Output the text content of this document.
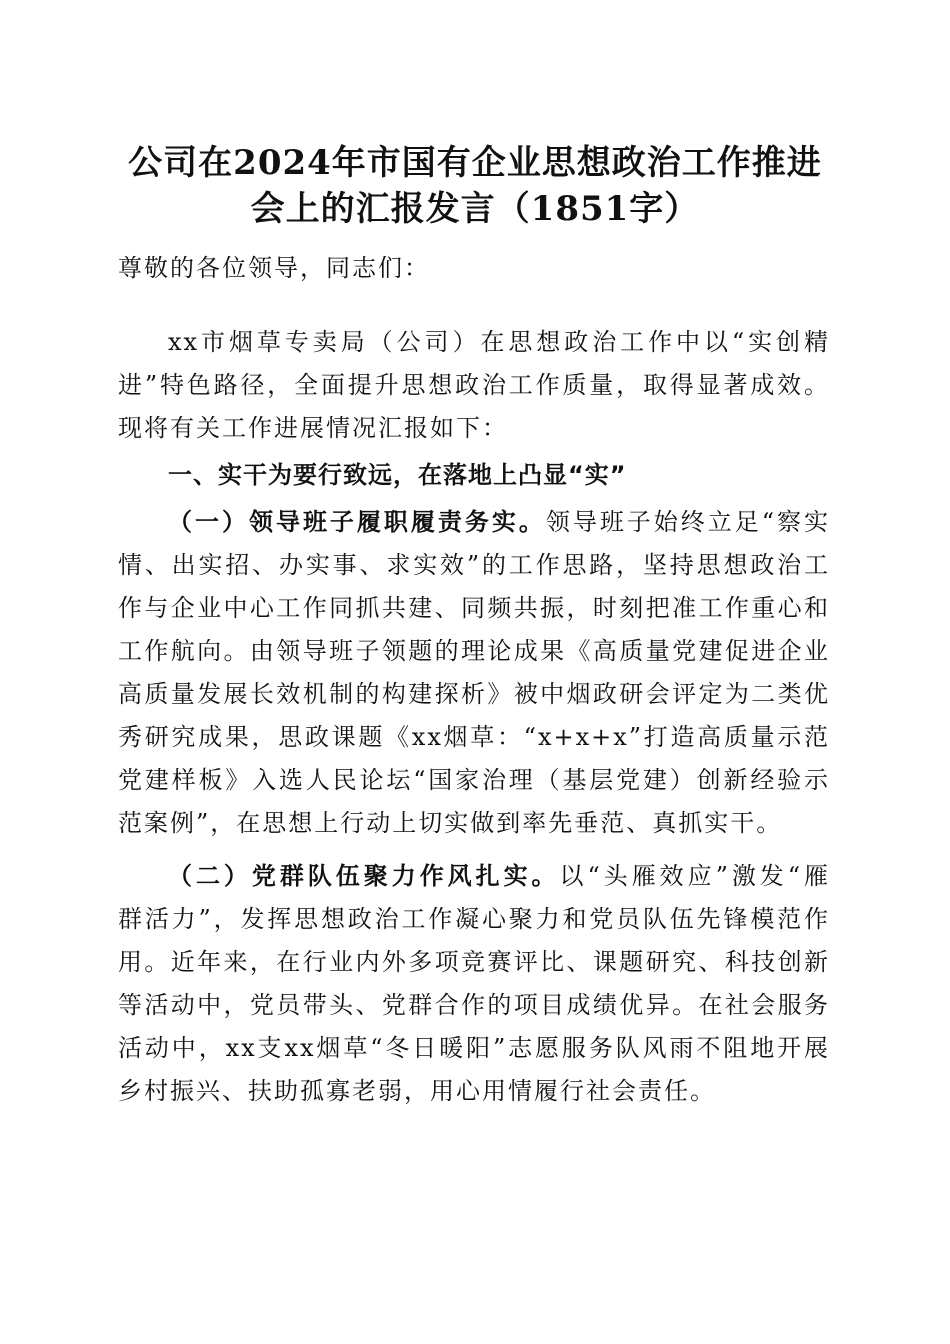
公司在2024年市国有企业思想政治工作推进
会上的汇报发言（1851字）
尊敬的各位领导，同志们：
xx市烟草专卖局（公司）在思想政治工作中以“实创精
进”特色路径，全面提升思想政治工作质量，取得显著成效。
现将有关工作进展情况汇报如下：
一、实干为要行致远，在落地上凸显“实”
（一）领导班子履职履责务实。领导班子始终立足“察实
情、出实招、办实事、求实效”的工作思路，坚持思想政治工
作与企业中心工作同抓共建、同频共振，时刻把准工作重心和
工作航向。由领导班子领题的理论成果《高质量党建促进企业
高质量发展长效机制的构建探析》被中烟政研会评定为二类优
秀研究成果，思政课题《xx烟草：“x+x+x”打造高质量示范
党建样板》入选人民论坛“国家治理（基层党建）创新经验示
范案例”，在思想上行动上切实做到率先垂范、真抓实干。
（二）党群队伍聚力作风扎实。以“头雁效应”激发“雁
群活力”，发挥思想政治工作凝心聚力和党员队伍先锋模范作
用。近年来，在行业内外多项竞赛评比、课题研究、科技创新
等活动中，党员带头、党群合作的项目成绩优异。在社会服务
活动中，xx支xx烟草“冬日暖阳”志愿服务队风雨不阻地开展
乡村振兴、扶助孤寡老弱，用心用情履行社会责任。
